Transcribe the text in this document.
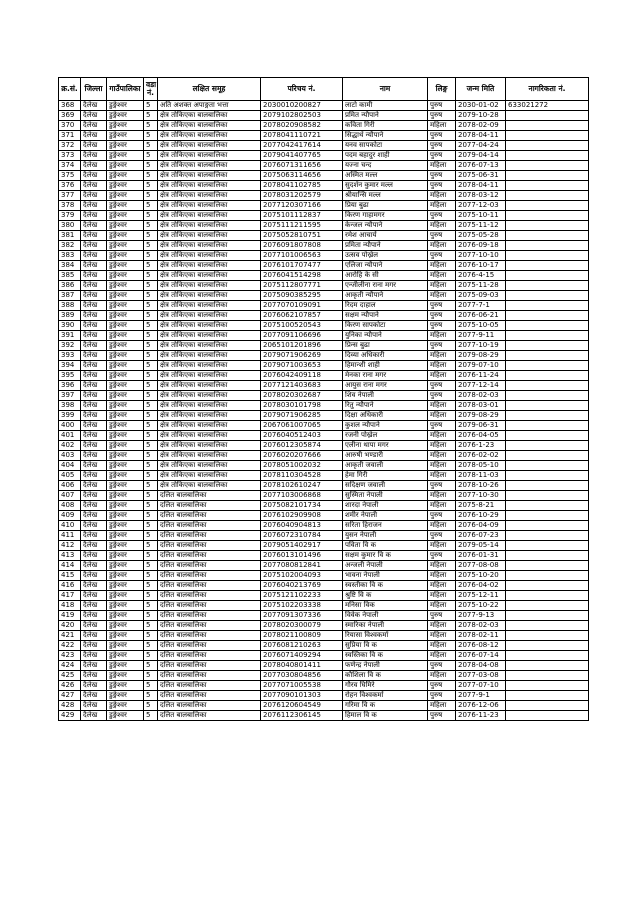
क्र.सं.	जिल्ला	गाउँपालिका	वडा नं.	लक्षित समूह	परिचय नं.	नाम	लिङ्ग	जन्म मिति	नागरिकता नं.
368	दैलेख	डुङ्गेश्वर	5	अति अशक्त अपाङ्गता भत्ता	2030010200827	लाटो कामी	पुरुष	2030-01-02	633021272
369	दैलेख	डुङ्गेश्वर	5	क्षेत्र तोकिएका बालबालिका	2079102802503	प्रमित न्यौपाने	पुरुष	2079-10-28	
370	दैलेख	डुङ्गेश्वर	5	क्षेत्र तोकिएका बालबालिका	2078020908582	कविता गिरी	महिला	2078-02-09	
371	दैलेख	डुङ्गेश्वर	5	क्षेत्र तोकिएका बालबालिका	2078041110721	सिद्धार्थ न्यौपाने	पुरुष	2078-04-11	
372	दैलेख	डुङ्गेश्वर	5	क्षेत्र तोकिएका बालबालिका	2077042417614	यनव सापकोटा	पुरुष	2077-04-24	
373	दैलेख	डुङ्गेश्वर	5	क्षेत्र तोकिएका बालबालिका	2079041407765	पदम बहादुर शाही	पुरुष	2079-04-14	
374	दैलेख	डुङ्गेश्वर	5	क्षेत्र तोकिएका बालबालिका	2076071311656	यज्ना चन्द	महिला	2076-07-13	
375	दैलेख	डुङ्गेश्वर	5	क्षेत्र तोकिएका बालबालिका	2075063114656	अस्मित मल्ल	पुरुष	2075-06-31	
376	दैलेख	डुङ्गेश्वर	5	क्षेत्र तोकिएका बालबालिका	2078041102785	सुदर्शन कुमार मल्ल	पुरुष	2078-04-11	
377	दैलेख	डुङ्गेश्वर	5	क्षेत्र तोकिएका बालबालिका	2078031202579	श्रीयान्सि मल्ल	महिला	2078-03-12	
378	दैलेख	डुङ्गेश्वर	5	क्षेत्र तोकिएका बालबालिका	2077120307166	प्रिया बुढा	महिला	2077-12-03	
379	दैलेख	डुङ्गेश्वर	5	क्षेत्र तोकिएका बालबालिका	2075101112837	किरण गाहामगर	पुरुष	2075-10-11	
380	दैलेख	डुङ्गेश्वर	5	क्षेत्र तोकिएका बालबालिका	2075111211595	केन्जल न्यौपाने	महिला	2075-11-12	
381	दैलेख	डुङ्गेश्वर	5	क्षेत्र तोकिएका बालबालिका	2075052810751	रमेश आचार्य	पुरुष	2075-05-28	
382	दैलेख	डुङ्गेश्वर	5	क्षेत्र तोकिएका बालबालिका	2076091807808	प्रमिता न्यौपाने	महिला	2076-09-18	
383	दैलेख	डुङ्गेश्वर	5	क्षेत्र तोकिएका बालबालिका	2077101006563	उत्सव पोख्रेल	पुरुष	2077-10-10	
384	दैलेख	डुङ्गेश्वर	5	क्षेत्र तोकिएका बालबालिका	2076101707477	एलिजा न्यौपाने	महिला	2076-10-17	
385	दैलेख	डुङ्गेश्वर	5	क्षेत्र तोकिएका बालबालिका	2076041514298	आरोहि के सी	महिला	2076-4-15	
386	दैलेख	डुङ्गेश्वर	5	क्षेत्र तोकिएका बालबालिका	2075112807771	एन्जीलीना राना मगर	महिला	2075-11-28	
387	दैलेख	डुङ्गेश्वर	5	क्षेत्र तोकिएका बालबालिका	2075090385295	आकृती न्यौपाने	महिला	2075-09-03	
388	दैलेख	डुङ्गेश्वर	5	क्षेत्र तोकिएका बालबालिका	2077070109091	रिदम दाहाल	पुरुष	2077-7-1	
389	दैलेख	डुङ्गेश्वर	5	क्षेत्र तोकिएका बालबालिका	2076062107857	सक्षम न्यौपाने	पुरुष	2076-06-21	
390	दैलेख	डुङ्गेश्वर	5	क्षेत्र तोकिएका बालबालिका	2075100520543	किरण सापकोटा	पुरुष	2075-10-05	
391	दैलेख	डुङ्गेश्वर	5	क्षेत्र तोकिएका बालबालिका	2077091106696	युनिका न्यौपाने	महिला	2077-9-11	
392	दैलेख	डुङ्गेश्वर	5	क्षेत्र तोकिएका बालबालिका	2065101201896	प्रिन्स बुढा	पुरुष	2077-10-19	
393	दैलेख	डुङ्गेश्वर	5	क्षेत्र तोकिएका बालबालिका	2079071906269	दिव्या अधिकारी	महिला	2079-08-29	
394	दैलेख	डुङ्गेश्वर	5	क्षेत्र तोकिएका बालबालिका	2079071003653	हिमान्शी शाही	महिला	2079-07-10	
395	दैलेख	डुङ्गेश्वर	5	क्षेत्र तोकिएका बालबालिका	2076042409118	मेनका राना मगर	महिला	2076-11-24	
396	दैलेख	डुङ्गेश्वर	5	क्षेत्र तोकिएका बालबालिका	2077121403683	आयुस राना मगर	पुरुष	2077-12-14	
397	दैलेख	डुङ्गेश्वर	5	क्षेत्र तोकिएका बालबालिका	2078020302687	शिव नेपाली	पुरुष	2078-02-03	
398	दैलेख	डुङ्गेश्वर	5	क्षेत्र तोकिएका बालबालिका	2078030101798	रितु न्यौपाने	महिला	2078-03-01	
399	दैलेख	डुङ्गेश्वर	5	क्षेत्र तोकिएका बालबालिका	2079071906285	दिक्षा अधिकारी	महिला	2079-08-29	
400	दैलेख	डुङ्गेश्वर	5	क्षेत्र तोकिएका बालबालिका	2067061007065	कुशल न्यौपाने	पुरुष	2079-06-31	
401	दैलेख	डुङ्गेश्वर	5	क्षेत्र तोकिएका बालबालिका	2076040512403	रजनी पोख्रेल	महिला	2076-04-05	
402	दैलेख	डुङ्गेश्वर	5	क्षेत्र तोकिएका बालबालिका	2076012305874	एलीना थापा मगर	महिला	2076-1-23	
403	दैलेख	डुङ्गेश्वर	5	क्षेत्र तोकिएका बालबालिका	2076020207666	आरुषी भण्डारी	महिला	2076-02-02	
404	दैलेख	डुङ्गेश्वर	5	क्षेत्र तोकिएका बालबालिका	2078051002032	आकृती जवाली	महिला	2078-05-10	
405	दैलेख	डुङ्गेश्वर	5	क्षेत्र तोकिएका बालबालिका	2078110304528	हेमा गिरी	महिला	2078-11-03	
406	दैलेख	डुङ्गेश्वर	5	क्षेत्र तोकिएका बालबालिका	2078102610247	सदिक्षण जवाली	पुरुष	2078-10-26	
407	दैलेख	डुङ्गेश्वर	5	दलित बालबालिका	2077103006868	सुस्मिता नेपाली	महिला	2077-10-30	
408	दैलेख	डुङ्गेश्वर	5	दलित बालबालिका	2075082101734	शारदा नेपाली	महिला	2075-8-21	
409	दैलेख	डुङ्गेश्वर	5	दलित बालबालिका	2076102909908	शमीर नेपाली	पुरुष	2076-10-29	
410	दैलेख	डुङ्गेश्वर	5	दलित बालबालिका	2076040904813	सरिता हिराजन	महिला	2076-04-09	
411	दैलेख	डुङ्गेश्वर	5	दलित बालबालिका	2076072310784	युसन नेपाली	पुरुष	2076-07-23	
412	दैलेख	डुङ्गेश्वर	5	दलित बालबालिका	2079051402917	पविता वि क	महिला	2079-05-14	
413	दैलेख	डुङ्गेश्वर	5	दलित बालबालिका	2076013101496	सक्षम कुमार वि क	पुरुष	2076-01-31	
414	दैलेख	डुङ्गेश्वर	5	दलित बालबालिका	2077080812841	अन्जली नेपाली	महिला	2077-08-08	
415	दैलेख	डुङ्गेश्वर	5	दलित बालबालिका	2075102004093	भावना नेपाली	महिला	2075-10-20	
416	दैलेख	डुङ्गेश्वर	5	दलित बालबालिका	2076040213769	स्वस्तीका वि क	महिला	2076-04-02	
417	दैलेख	डुङ्गेश्वर	5	दलित बालबालिका	2075121102233	श्रुष्टि वि क	महिला	2075-12-11	
418	दैलेख	डुङ्गेश्वर	5	दलित बालबालिका	2075102203338	मनिसा विक	महिला	2075-10-22	
419	दैलेख	डुङ्गेश्वर	5	दलित बालबालिका	2077091307336	विवेक नेपाली	पुरुष	2077-9-13	
420	दैलेख	डुङ्गेश्वर	5	दलित बालबालिका	2078020300079	स्मारिका नेपाली	महिला	2078-02-03	
421	दैलेख	डुङ्गेश्वर	5	दलित बालबालिका	2078021100809	रियासा विश्वकर्मा	महिला	2078-02-11	
422	दैलेख	डुङ्गेश्वर	5	दलित बालबालिका	2076081210263	सुप्रिया वि क	महिला	2076-08-12	
423	दैलेख	डुङ्गेश्वर	5	दलित बालबालिका	2076071409294	स्वस्तिका वि क	महिला	2076-07-14	
424	दैलेख	डुङ्गेश्वर	5	दलित बालबालिका	2078040801411	फणेन्द्र नेपाली	पुरुष	2078-04-08	
425	दैलेख	डुङ्गेश्वर	5	दलित बालबालिका	2077030804856	कौशिला वि क	महिला	2077-03-08	
426	दैलेख	डुङ्गेश्वर	5	दलित बालबालिका	2077071005538	गौरव घिमिरे	पुरुष	2077-07-10	
427	दैलेख	डुङ्गेश्वर	5	दलित बालबालिका	2077090101303	रोहन विश्वकर्मा	पुरुष	2077-9-1	
428	दैलेख	डुङ्गेश्वर	5	दलित बालबालिका	2076120604549	गरिमा वि क	महिला	2076-12-06	
429	दैलेख	डुङ्गेश्वर	5	दलित बालबालिका	2076112306145	हिमाल वि क	पुरुष	2076-11-23	
